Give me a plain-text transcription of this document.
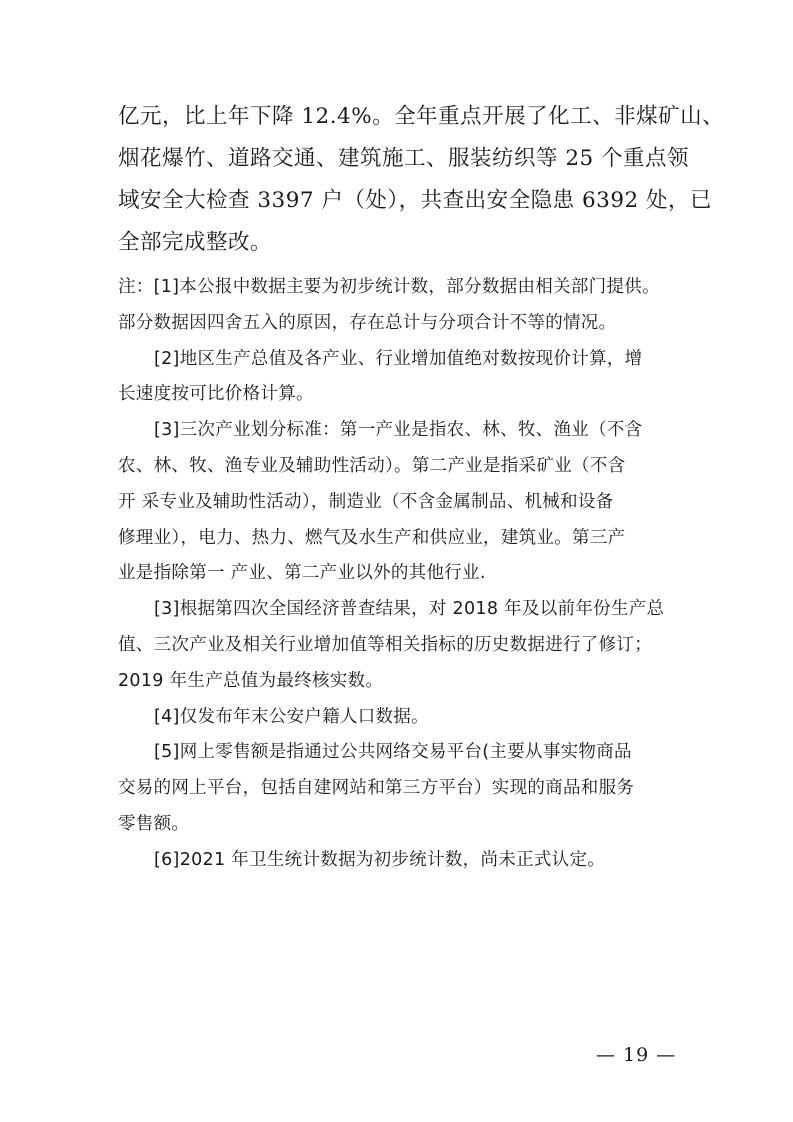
亿元，比上年下降 12.4%。全年重点开展了化工、非煤矿山、
烟花爆竹、道路交通、建筑施工、服装纺织等 25 个重点领
域安全大检查 3397 户（处），共查出安全隐患 6392 处，已
全部完成整改。

注：[1]本公报中数据主要为初步统计数，部分数据由相关部门提供。
部分数据因四舍五入的原因，存在总计与分项合计不等的情况。

[2]地区生产总值及各产业、行业增加值绝对数按现价计算，增
长速度按可比价格计算。

[3]三次产业划分标准：第一产业是指农、林、牧、渔业（不含
农、林、牧、渔专业及辅助性活动）。第二产业是指采矿业（不含
开 采专业及辅助性活动），制造业（不含金属制品、机械和设备
修理业），电力、热力、燃气及水生产和供应业，建筑业。第三产
业是指除第一 产业、第二产业以外的其他行业.

[3]根据第四次全国经济普查结果，对 2018 年及以前年份生产总
值、三次产业及相关行业增加值等相关指标的历史数据进行了修订；
2019 年生产总值为最终核实数。

[4]仅发布年末公安户籍人口数据。

[5]网上零售额是指通过公共网络交易平台(主要从事实物商品
交易的网上平台，包括自建网站和第三方平台）实现的商品和服务
零售额。

[6]2021 年卫生统计数据为初步统计数，尚未正式认定。

— 19 —
